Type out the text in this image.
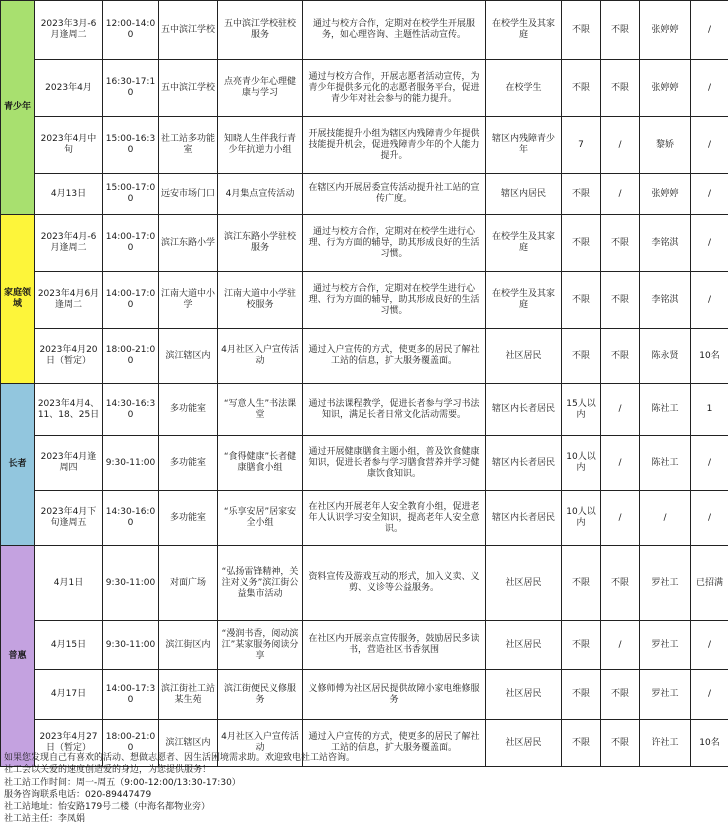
青少年	2023年3月-6月逢周二	12:00-14:00	五中滨江学校	五中滨江学校驻校服务	通过与校方合作，定期对在校学生开展服务，如心理咨询、主题性活动宣传。	在校学生及其家庭	不限	不限	张婷婷	/
	2023年4月	16:30-17:10	五中滨江学校	点亮青少年心理健康与学习	通过与校方合作，开展志愿者活动宣传，为青少年提供多元化的志愿者服务平台，促进青少年对社会参与的能力提升。	在校学生	不限	不限	张婷婷	/
	2023年4月中旬	15:00-16:30	社工站多功能室	知晓人生伴我行青少年抗逆力小组	开展技能提升小组为辖区内残障青少年提供技能提升机会，促进残障青少年的个人能力提升。	辖区内残障青少年	7	/	黎娇	/
	4月13日	15:00-17:00	远安市场门口	4月集点宣传活动	在辖区内开展居委宣传活动提升社工站的宣传广度。	辖区内居民	不限	/	张婷婷	/
家庭领域	2023年4月-6月逢周二	14:00-17:00	滨江东路小学	滨江东路小学驻校服务	通过与校方合作，定期对在校学生进行心理、行为方面的辅导，助其形成良好的生活习惯。	在校学生及其家庭	不限	不限	李铭淇	/
	2023年4月6月逢周二	14:00-17:00	江南大道中小学	江南大道中小学驻校服务	通过与校方合作，定期对在校学生进行心理、行为方面的辅导，助其形成良好的生活习惯。	在校学生及其家庭	不限	不限	李铭淇	/
	2023年4月20日（暂定）	18:00-21:00	滨江辖区内	4月社区入户宣传活动	通过入户宣传的方式，使更多的居民了解社工站的信息，扩大服务覆盖面。	社区居民	不限	不限	陈永贤	10名
长者	2023年4月4、11、18、25日	14:30-16:30	多功能室	“写意人生”书法课堂	通过书法课程教学，促进长者参与学习书法知识，满足长者日常文化活动需要。	辖区内长者居民	15人以内	/	陈社工	1
	2023年4月逢周四	9:30-11:00	多功能室	“食得健康”长者健康膳食小组	通过开展健康膳食主题小组，普及饮食健康知识，促进长者参与学习膳食营养并学习健康饮食知识。	辖区内长者居民	10人以内	/	陈社工	/
	2023年4月下旬逢周五	14:30-16:00	多功能室	“乐享安居”居家安全小组	在社区内开展老年人安全教育小组，促进老年人认识学习安全知识，提高老年人安全意识。	辖区内长者居民	10人以内	/	/	/
普惠	4月1日	9:30-11:00	对面广场	“弘扬雷锋精神，关注对义务”滨江街公益集市活动	资料宣传及游戏互动的形式，加入义卖、义剪、义诊等公益服务。	社区居民	不限	不限	罗社工	已招满
	4月15日	9:30-11:00	滨江街区内	“漫润书香，阅动滨江”某家服务阅读分享	在社区内开展亲点宣传服务，鼓励居民多读书，营造社区书香氛围	社区居民	不限	/	罗社工	/
	4月17日	14:00-17:30	滨江街社工站某生苑	滨江街便民义修服务	义修师傅为社区居民提供故障小家电维修服务	社区居民	不限	不限	罗社工	/
	2023年4月27日（暂定）	18:00-21:00	滨江辖区内	4月社区入户宣传活动	通过入户宣传的方式，使更多的居民了解社工站的信息，扩大服务覆盖面。	社区居民	不限	不限	许社工	10名
如果您发现自己有喜欢的活动、想做志愿者、因生活困境需求助。欢迎致电社工站咨询。
社工会以关爱的速度创造爱的身边，为您提供服务！
社工站工作时间：周一-周五（9:00-12:00/13:30-17:30）
服务咨询联系电话：020-89447479
社工站地址：怡安路179号二楼（中海名都物业旁）
社工站主任：李凤娟
